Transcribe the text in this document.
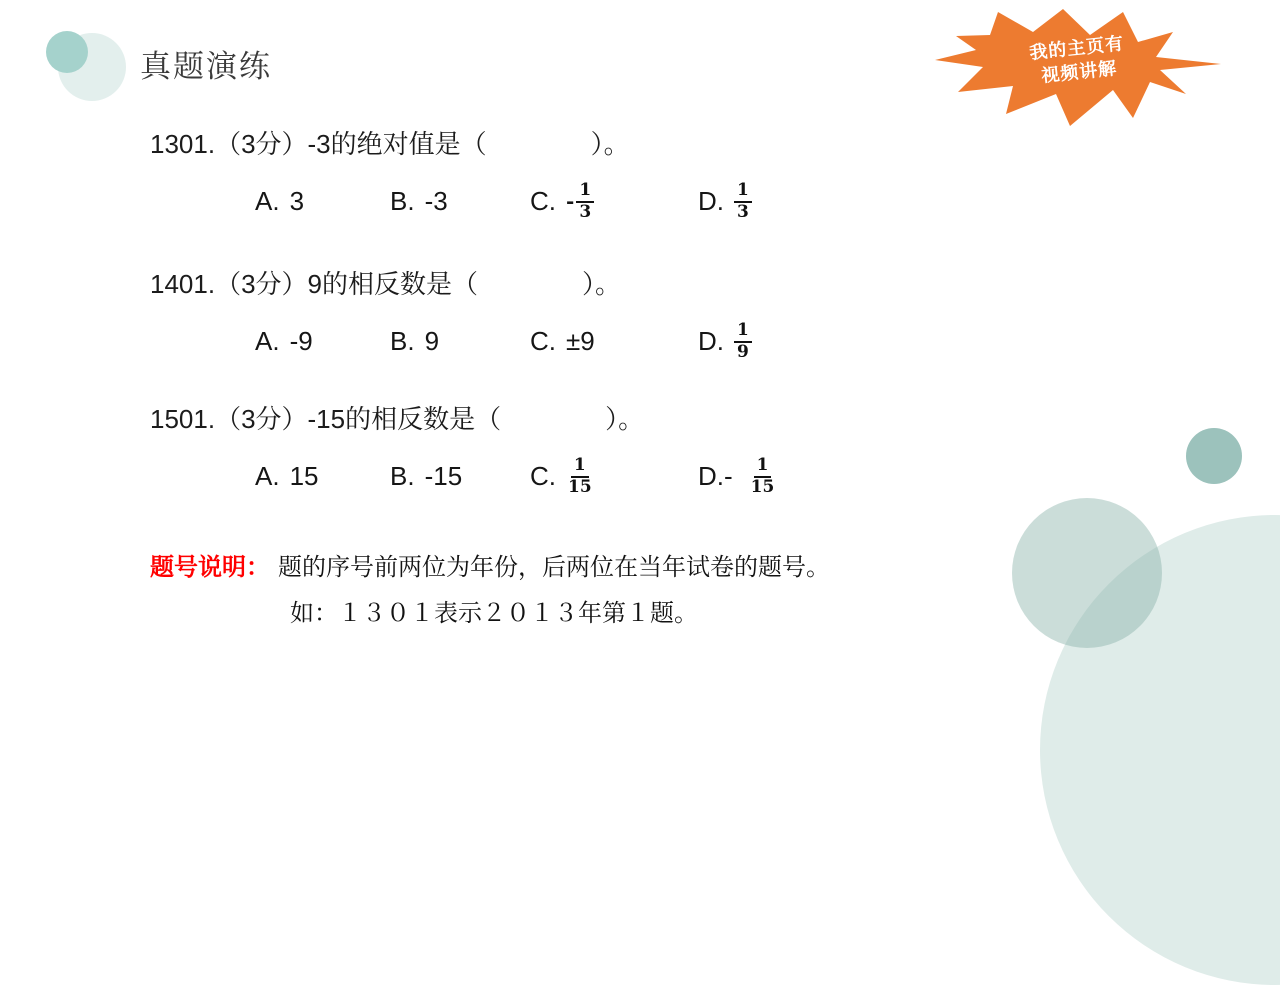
真题演练
我的主页有
视频讲解
1301.（3分）-3的绝对值是（　　　　）。
A. 3	B. -3	C. - $\frac{1}{3}$	D. $\frac{1}{3}$
1401.（3分）9的相反数是（　　　　）。
A. -9	B. 9	C. ±9	D. $\frac{1}{9}$
1501.（3分）-15的相反数是（　　　　）。
A. 15	B. -15	C. $\frac{1}{15}$	$D.- \frac{1}{15}$
题号说明： 题的序号前两位为年份，后两位在当年试卷的题号。
如：１３０１表示２０１３年第１题。
